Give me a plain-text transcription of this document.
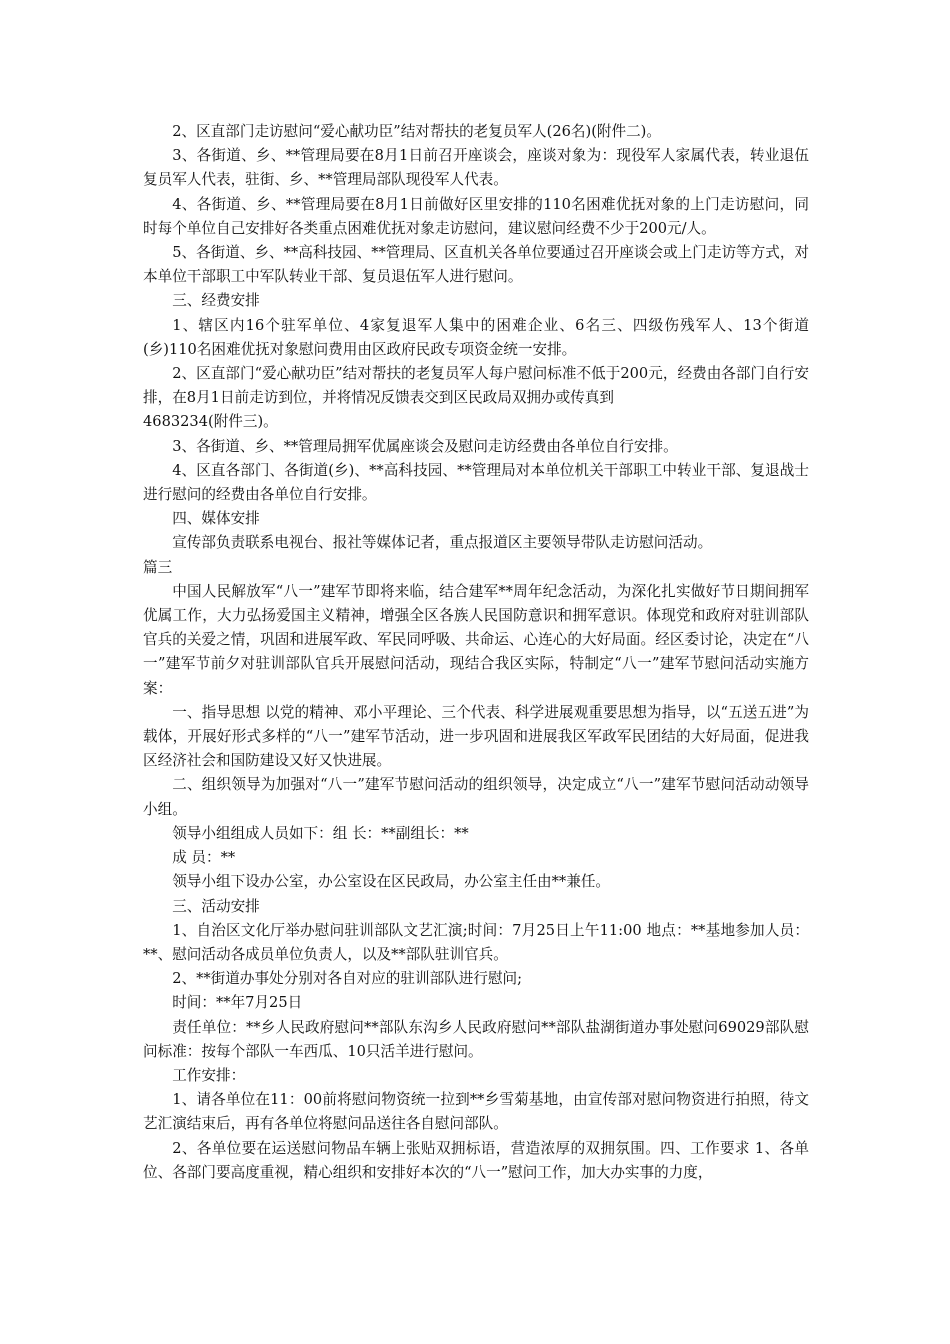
2、区直部门走访慰问“爱心献功臣”结对帮扶的老复员军人(26名)(附件二)。

3、各街道、乡、**管理局要在8月1日前召开座谈会，座谈对象为：现役军人家属代表，转业退伍复员军人代表，驻街、乡、**管理局部队现役军人代表。

4、各街道、乡、**管理局要在8月1日前做好区里安排的110名困难优抚对象的上门走访慰问，同时每个单位自己安排好各类重点困难优抚对象走访慰问，建议慰问经费不少于200元/人。

5、各街道、乡、**高科技园、**管理局、区直机关各单位要通过召开座谈会或上门走访等方式，对本单位干部职工中军队转业干部、复员退伍军人进行慰问。

三、经费安排

1、辖区内16个驻军单位、4家复退军人集中的困难企业、6名三、四级伤残军人、13个街道(乡)110名困难优抚对象慰问费用由区政府民政专项资金统一安排。

2、区直部门“爱心献功臣”结对帮扶的老复员军人每户慰问标准不低于200元，经费由各部门自行安排，在8月1日前走访到位，并将情况反馈表交到区民政局双拥办或传真到

4683234(附件三)。

3、各街道、乡、**管理局拥军优属座谈会及慰问走访经费由各单位自行安排。

4、区直各部门、各街道(乡)、**高科技园、**管理局对本单位机关干部职工中转业干部、复退战士进行慰问的经费由各单位自行安排。

四、媒体安排

宣传部负责联系电视台、报社等媒体记者，重点报道区主要领导带队走访慰问活动。

篇三

中国人民解放军“八一”建军节即将来临，结合建军**周年纪念活动，为深化扎实做好节日期间拥军优属工作，大力弘扬爱国主义精神，增强全区各族人民国防意识和拥军意识。体现党和政府对驻训部队官兵的关爱之情，巩固和进展军政、军民同呼吸、共命运、心连心的大好局面。经区委讨论，决定在“八一”建军节前夕对驻训部队官兵开展慰问活动，现结合我区实际，特制定“八一”建军节慰问活动实施方案：

一、指导思想 以党的精神、邓小平理论、三个代表、科学进展观重要思想为指导，以“五送五进”为载体，开展好形式多样的“八一”建军节活动，进一步巩固和进展我区军政军民团结的大好局面，促进我区经济社会和国防建设又好又快进展。

二、组织领导为加强对“八一”建军节慰问活动的组织领导，决定成立“八一”建军节慰问活动动领导小组。

领导小组组成人员如下：组 长：**副组长：**

成 员：**

领导小组下设办公室，办公室设在区民政局，办公室主任由**兼任。

三、活动安排

1、自治区文化厅举办慰问驻训部队文艺汇演;时间：7月25日上午11:00 地点：**基地参加人员：**、慰问活动各成员单位负责人，以及**部队驻训官兵。

2、**街道办事处分别对各自对应的驻训部队进行慰问;

时间：**年7月25日

责任单位：**乡人民政府慰问**部队东沟乡人民政府慰问**部队盐湖街道办事处慰问69029部队慰问标准：按每个部队一车西瓜、10只活羊进行慰问。

工作安排：

1、请各单位在11：00前将慰问物资统一拉到**乡雪菊基地，由宣传部对慰问物资进行拍照，待文艺汇演结束后，再有各单位将慰问品送往各自慰问部队。

2、各单位要在运送慰问物品车辆上张贴双拥标语，营造浓厚的双拥氛围。四、工作要求 1、各单位、各部门要高度重视，精心组织和安排好本次的“八一”慰问工作，加大办实事的力度，
